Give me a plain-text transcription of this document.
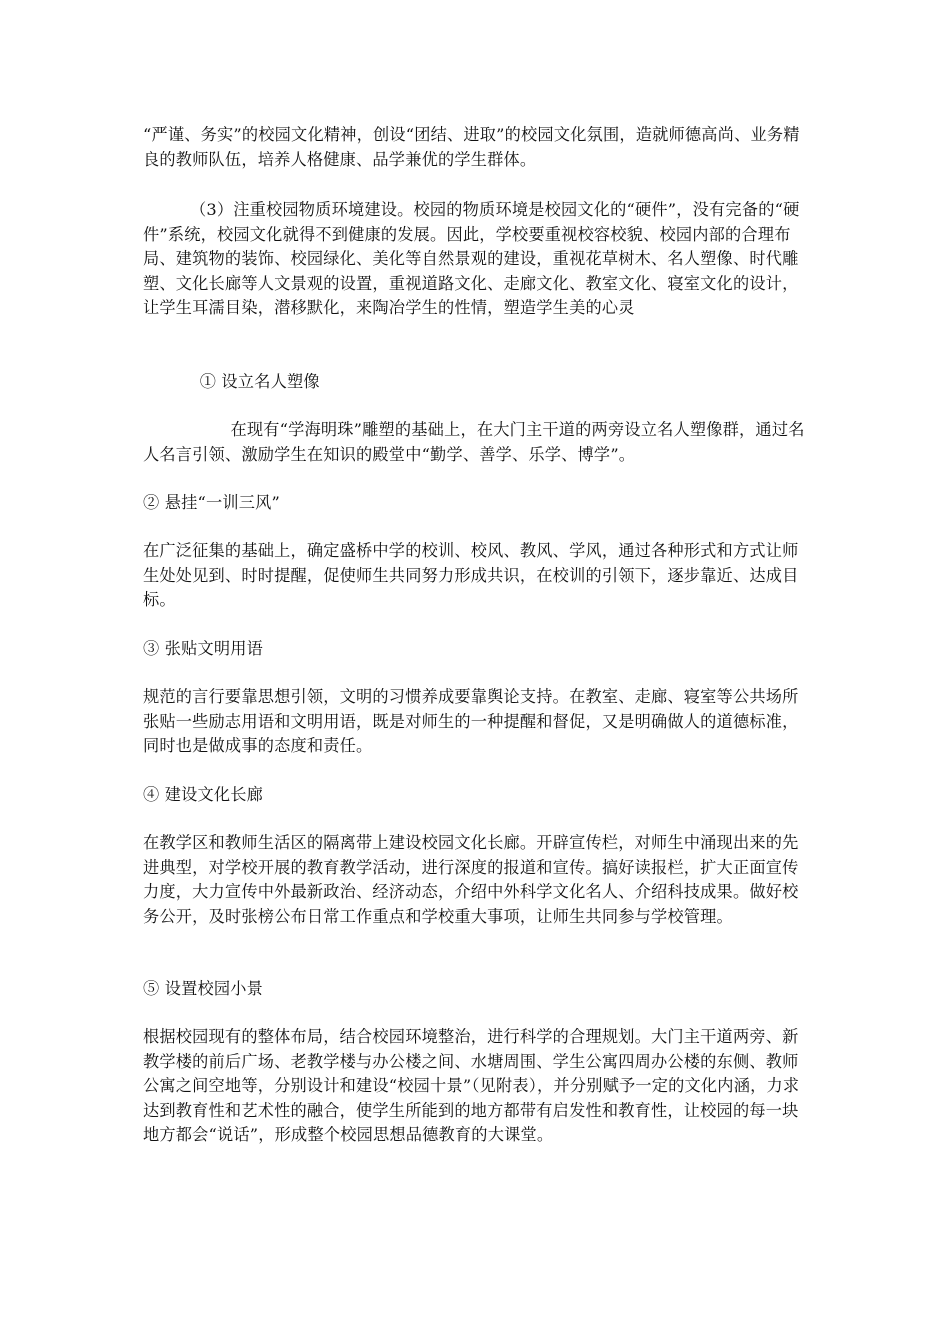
“严谨、务实”的校园文化精神，创设“团结、进取”的校园文化氛围，造就师德高尚、业务精良的教师队伍，培养人格健康、品学兼优的学生群体。

（3）注重校园物质环境建设。校园的物质环境是校园文化的“硬件”，没有完备的“硬件”系统，校园文化就得不到健康的发展。因此，学校要重视校容校貌、校园内部的合理布局、建筑物的装饰、校园绿化、美化等自然景观的建设，重视花草树木、名人塑像、时代雕塑、文化长廊等人文景观的设置，重视道路文化、走廊文化、教室文化、寝室文化的设计，让学生耳濡目染，潜移默化，来陶冶学生的性情，塑造学生美的心灵

① 设立名人塑像

在现有“学海明珠”雕塑的基础上，在大门主干道的两旁设立名人塑像群，通过名人名言引领、激励学生在知识的殿堂中“勤学、善学、乐学、博学”。

② 悬挂“一训三风”

在广泛征集的基础上，确定盛桥中学的校训、校风、教风、学风，通过各种形式和方式让师生处处见到、时时提醒，促使师生共同努力形成共识，在校训的引领下，逐步靠近、达成目标。

③ 张贴文明用语

规范的言行要靠思想引领，文明的习惯养成要靠舆论支持。在教室、走廊、寝室等公共场所张贴一些励志用语和文明用语，既是对师生的一种提醒和督促，又是明确做人的道德标准，同时也是做成事的态度和责任。

④ 建设文化长廊

在教学区和教师生活区的隔离带上建设校园文化长廊。开辟宣传栏，对师生中涌现出来的先进典型，对学校开展的教育教学活动，进行深度的报道和宣传。搞好读报栏，扩大正面宣传力度，大力宣传中外最新政治、经济动态，介绍中外科学文化名人、介绍科技成果。做好校务公开，及时张榜公布日常工作重点和学校重大事项，让师生共同参与学校管理。

⑤ 设置校园小景

根据校园现有的整体布局，结合校园环境整治，进行科学的合理规划。大门主干道两旁、新教学楼的前后广场、老教学楼与办公楼之间、水塘周围、学生公寓四周办公楼的东侧、教师公寓之间空地等，分别设计和建设“校园十景”（见附表），并分别赋予一定的文化内涵，力求达到教育性和艺术性的融合，使学生所能到的地方都带有启发性和教育性，让校园的每一块地方都会“说话”，形成整个校园思想品德教育的大课堂。
